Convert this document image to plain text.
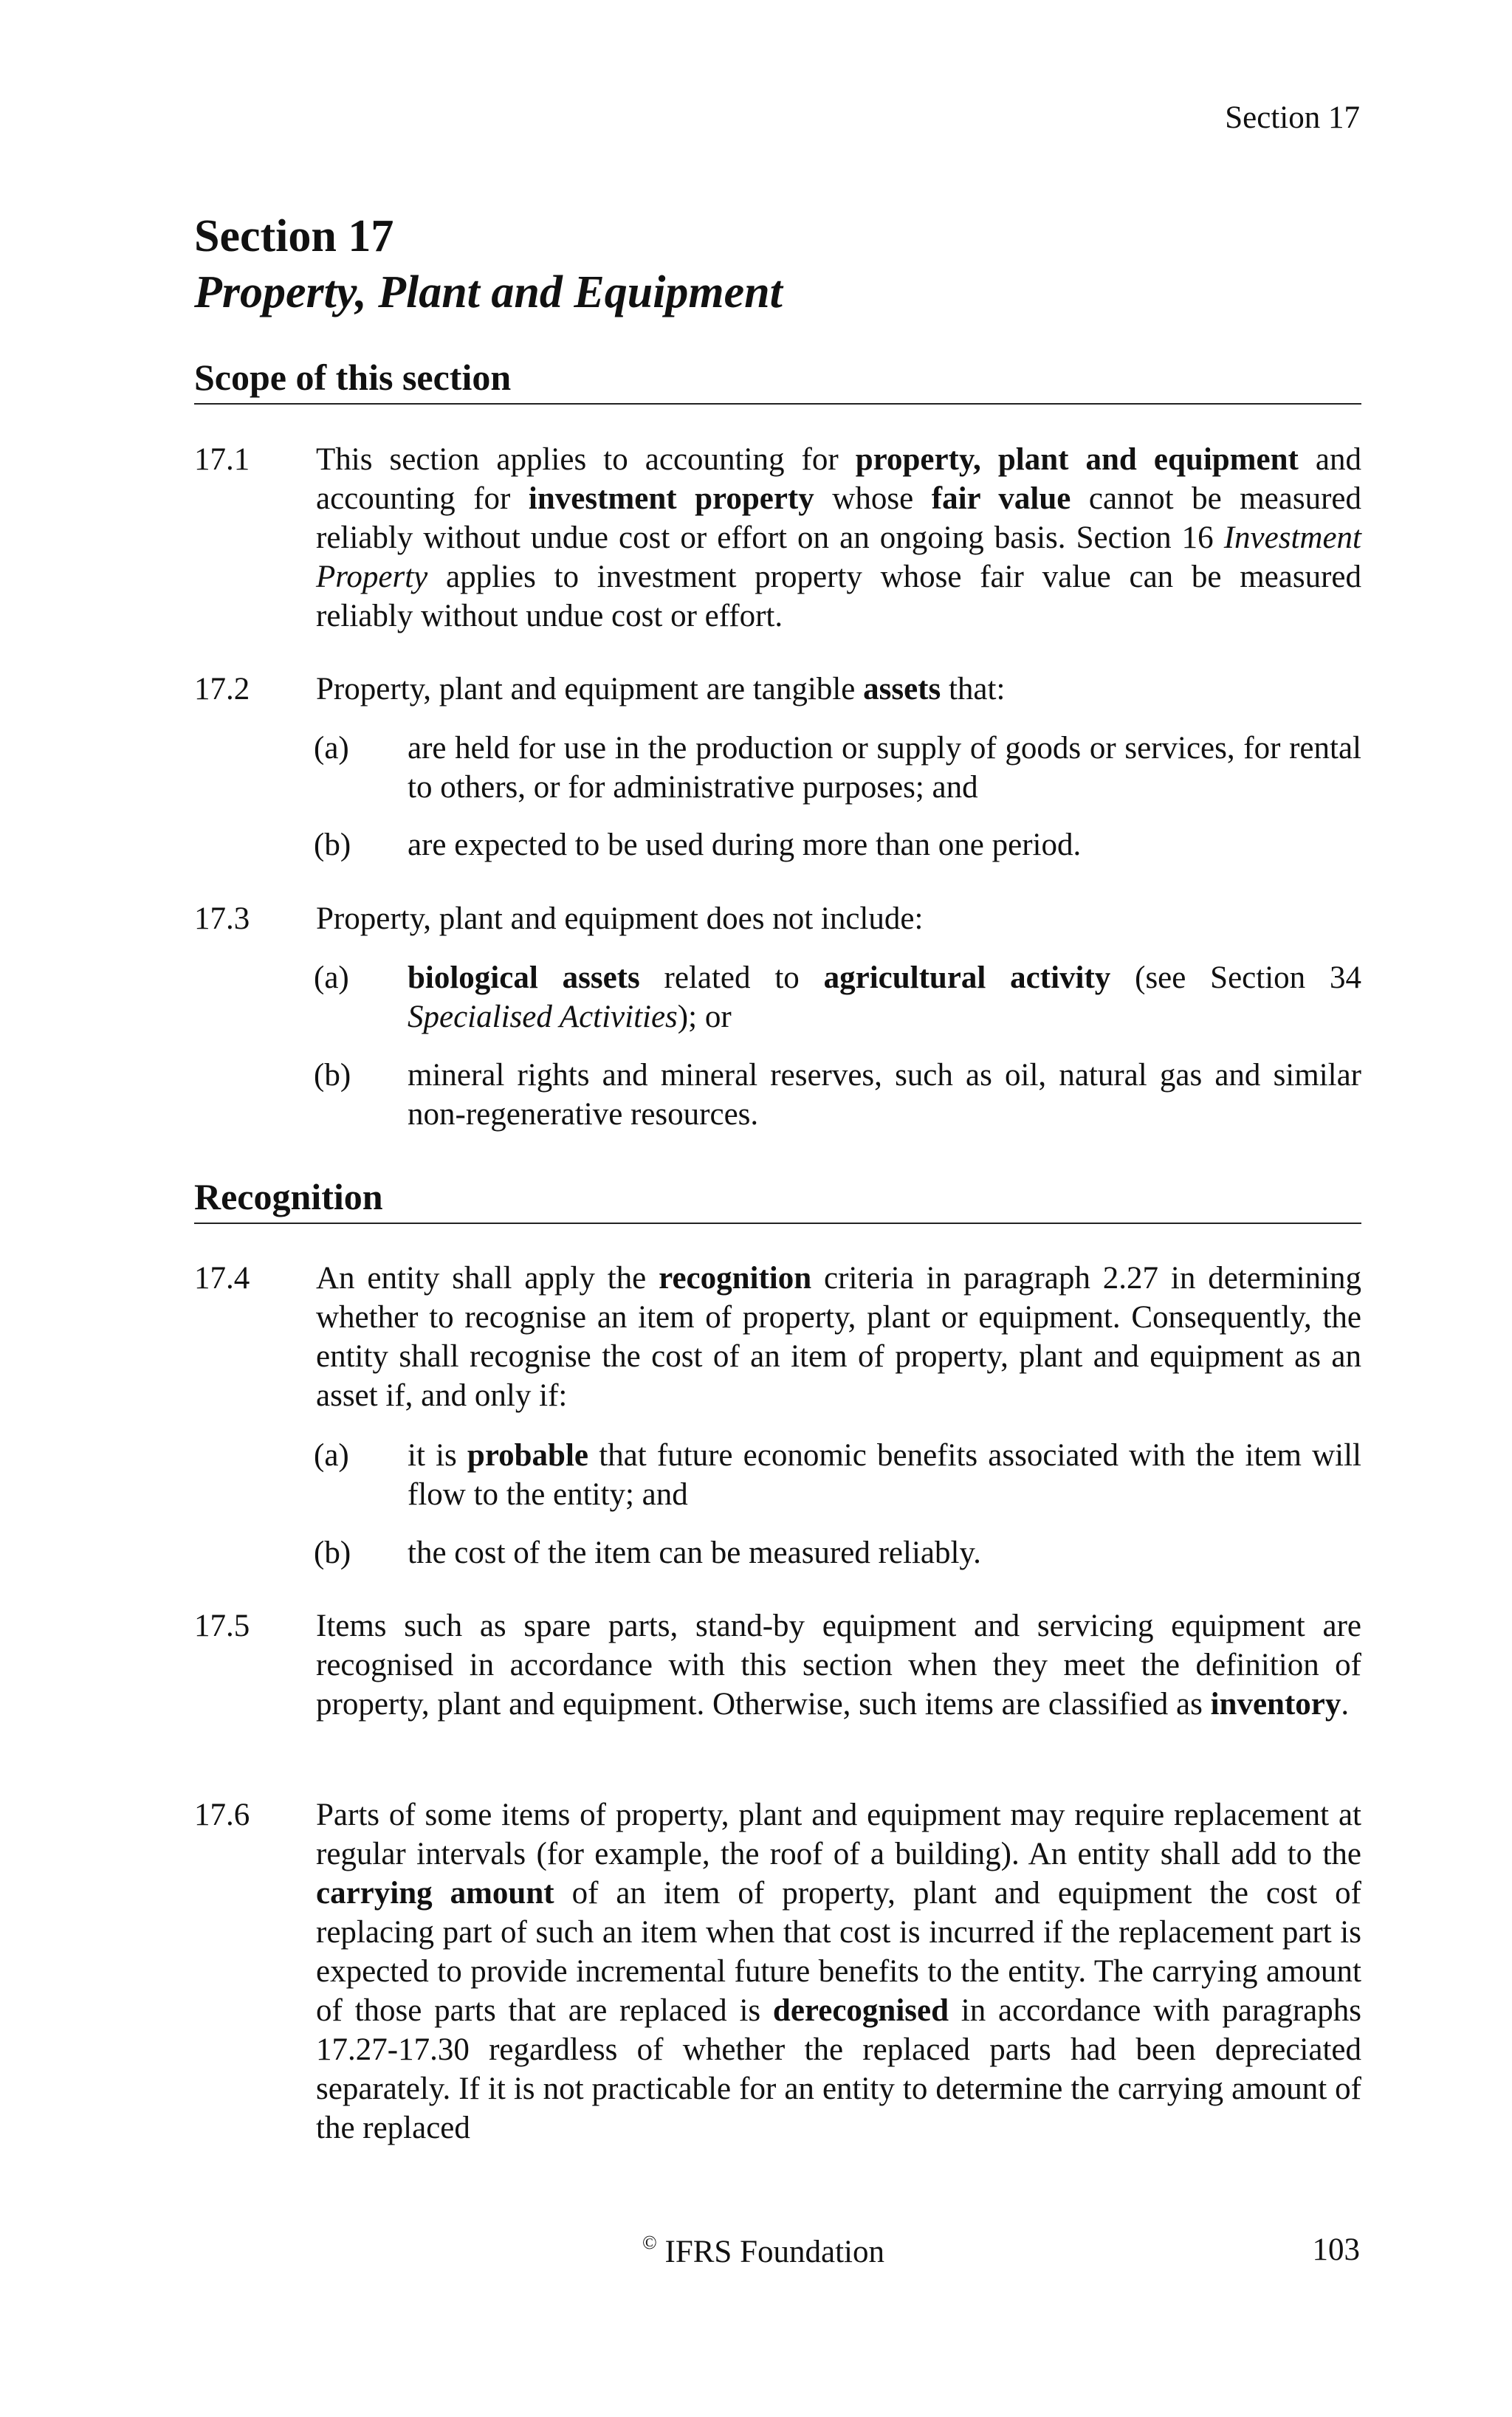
Section 17
Section 17
Property, Plant and Equipment
Scope of this section
17.1 This section applies to accounting for property, plant and equipment and accounting for investment property whose fair value cannot be measured reliably without undue cost or effort on an ongoing basis. Section 16 Investment Property applies to investment property whose fair value can be measured reliably without undue cost or effort.
17.2 Property, plant and equipment are tangible assets that:
(a) are held for use in the production or supply of goods or services, for rental to others, or for administrative purposes; and
(b) are expected to be used during more than one period.
17.3 Property, plant and equipment does not include:
(a) biological assets related to agricultural activity (see Section 34 Specialised Activities); or
(b) mineral rights and mineral reserves, such as oil, natural gas and similar non-regenerative resources.
Recognition
17.4 An entity shall apply the recognition criteria in paragraph 2.27 in determining whether to recognise an item of property, plant or equipment. Consequently, the entity shall recognise the cost of an item of property, plant and equipment as an asset if, and only if:
(a) it is probable that future economic benefits associated with the item will flow to the entity; and
(b) the cost of the item can be measured reliably.
17.5 Items such as spare parts, stand-by equipment and servicing equipment are recognised in accordance with this section when they meet the definition of property, plant and equipment. Otherwise, such items are classified as inventory.
17.6 Parts of some items of property, plant and equipment may require replacement at regular intervals (for example, the roof of a building). An entity shall add to the carrying amount of an item of property, plant and equipment the cost of replacing part of such an item when that cost is incurred if the replacement part is expected to provide incremental future benefits to the entity. The carrying amount of those parts that are replaced is derecognised in accordance with paragraphs 17.27-17.30 regardless of whether the replaced parts had been depreciated separately. If it is not practicable for an entity to determine the carrying amount of the replaced
© IFRS Foundation	103
